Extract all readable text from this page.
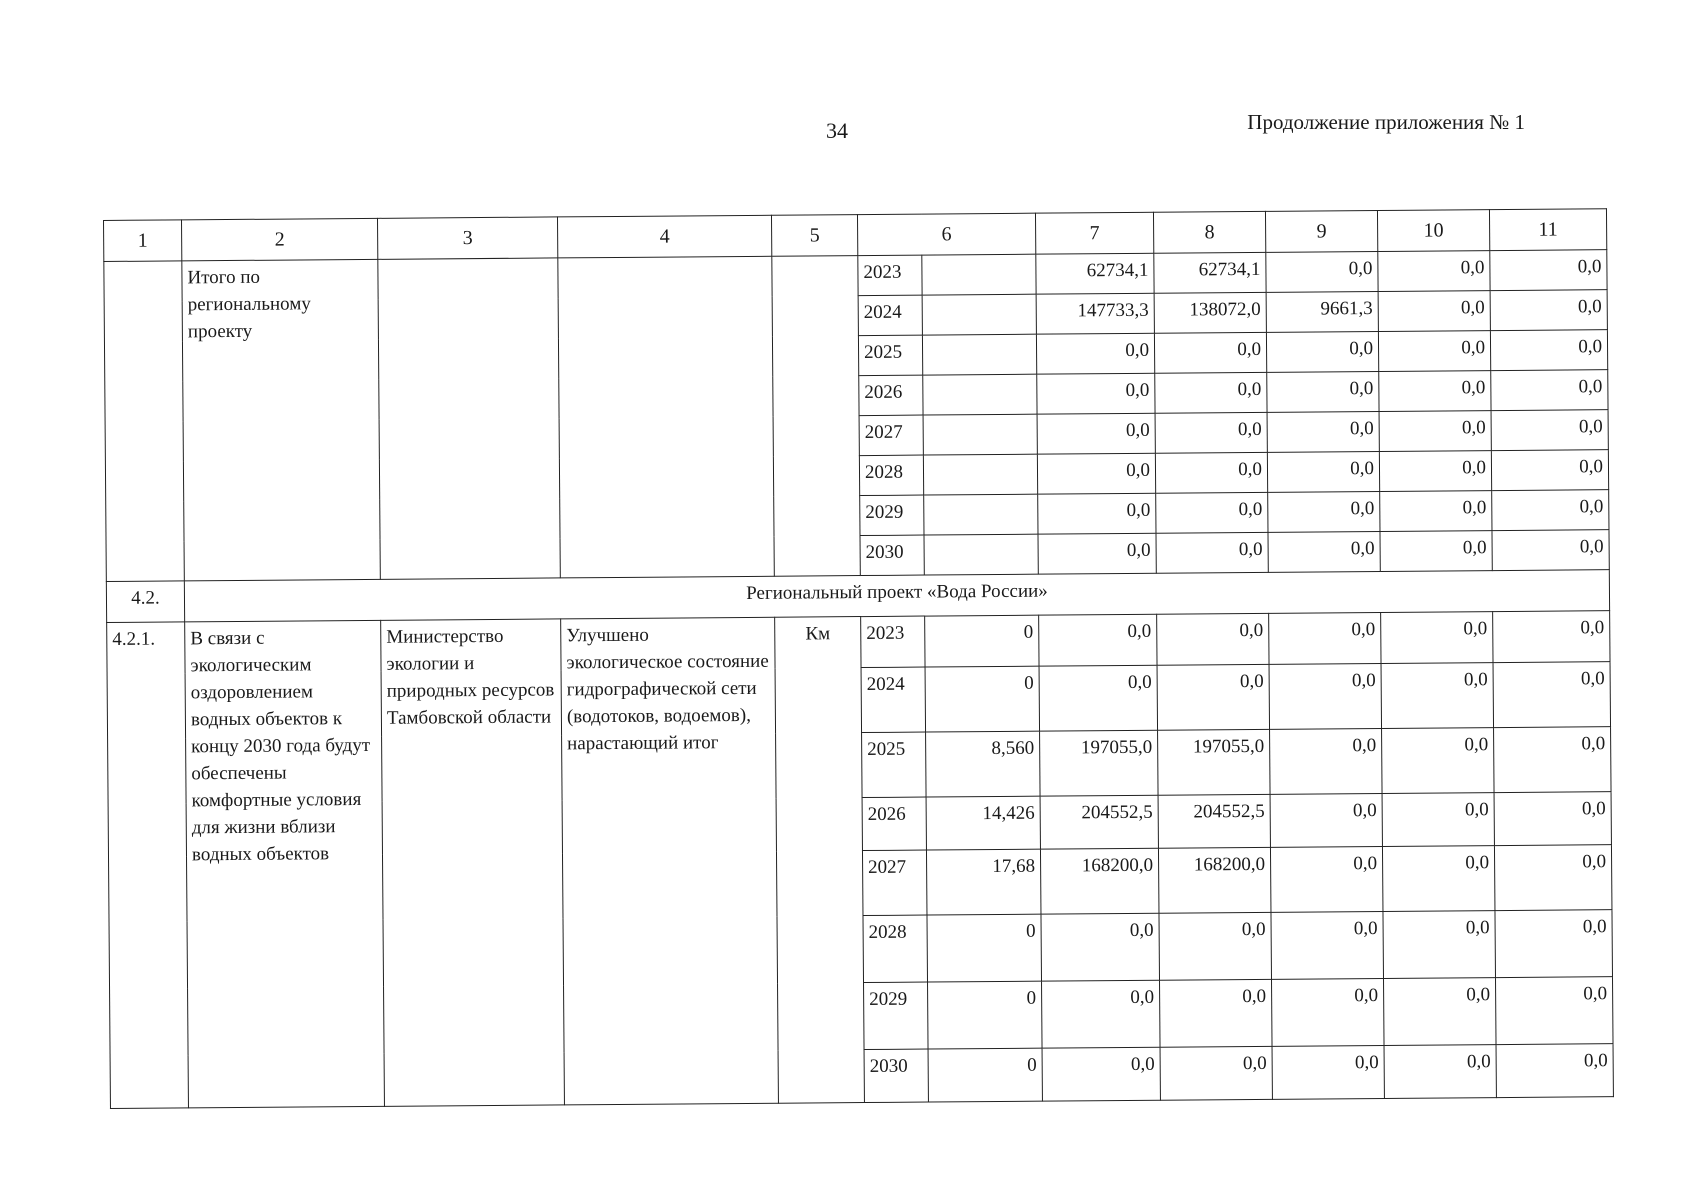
34	Продолжение приложения № 1
1	2	3	4	5	6		7	8	9	10	11
	Итого по региональному проекту				2023		62734,1	62734,1	0,0	0,0	0,0
					2024		147733,3	138072,0	9661,3	0,0	0,0
					2025		0,0	0,0	0,0	0,0	0,0
					2026		0,0	0,0	0,0	0,0	0,0
					2027		0,0	0,0	0,0	0,0	0,0
					2028		0,0	0,0	0,0	0,0	0,0
					2029		0,0	0,0	0,0	0,0	0,0
					2030		0,0	0,0	0,0	0,0	0,0
4.2.	Региональный проект «Вода России»										
4.2.1.	В связи с экологическим оздоровлением водных объектов к концу 2030 года будут обеспечены комфортные условия для жизни вблизи водных объектов	Министерство экологии и природных ресурсов Тамбовской области	Улучшено экологическое состояние гидрографической сети (водотоков, водоемов), нарастающий итог	Км	2023	0	0,0	0,0	0,0	0,0	0,0
					2024	0	0,0	0,0	0,0	0,0	0,0
					2025	8,560	197055,0	197055,0	0,0	0,0	0,0
					2026	14,426	204552,5	204552,5	0,0	0,0	0,0
					2027	17,68	168200,0	168200,0	0,0	0,0	0,0
					2028	0	0,0	0,0	0,0	0,0	0,0
					2029	0	0,0	0,0	0,0	0,0	0,0
					2030	0	0,0	0,0	0,0	0,0	0,0
